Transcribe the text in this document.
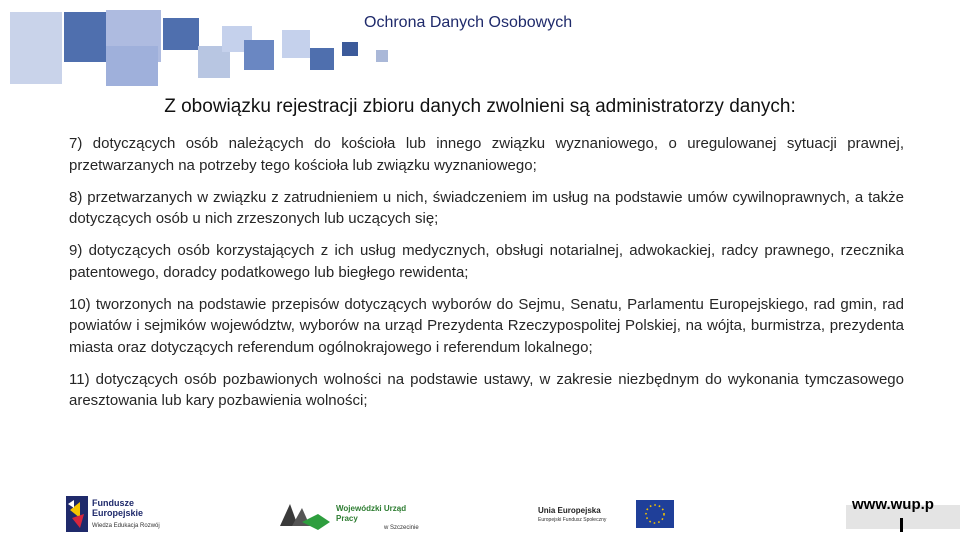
Ochrona Danych Osobowych
Z obowiązku rejestracji zbioru danych zwolnieni są administratorzy danych:

7) dotyczących osób należących do kościoła lub innego związku wyznaniowego, o uregulowanej sytuacji prawnej, przetwarzanych na potrzeby tego kościoła lub związku wyznaniowego;

8) przetwarzanych w związku z zatrudnieniem u nich, świadczeniem im usług na podstawie umów cywilnoprawnych, a także dotyczących osób u nich zrzeszonych lub uczących się;

9) dotyczących osób korzystających z ich usług medycznych, obsługi notarialnej, adwokackiej, radcy prawnego, rzecznika patentowego, doradcy podatkowego lub biegłego rewidenta;

10) tworzonych na podstawie przepisów dotyczących wyborów do Sejmu, Senatu, Parlamentu Europejskiego, rad gmin, rad powiatów i sejmików województw, wyborów na urząd Prezydenta Rzeczypospolitej Polskiej, na wójta, burmistrza, prezydenta miasta oraz dotyczących referendum ogólnokrajowego i referendum lokalnego;

11) dotyczących osób pozbawionych wolności na podstawie ustawy, w zakresie niezbędnym do wykonania tymczasowego aresztowania lub kary pozbawienia wolności;

Fundusze
Europejskie
Wiedza Edukacja Rozwój
Wojewódzki Urząd Pracy
w Szczecinie
Unia Europejska
Europejski Fundusz Społeczny
www.wup.p
